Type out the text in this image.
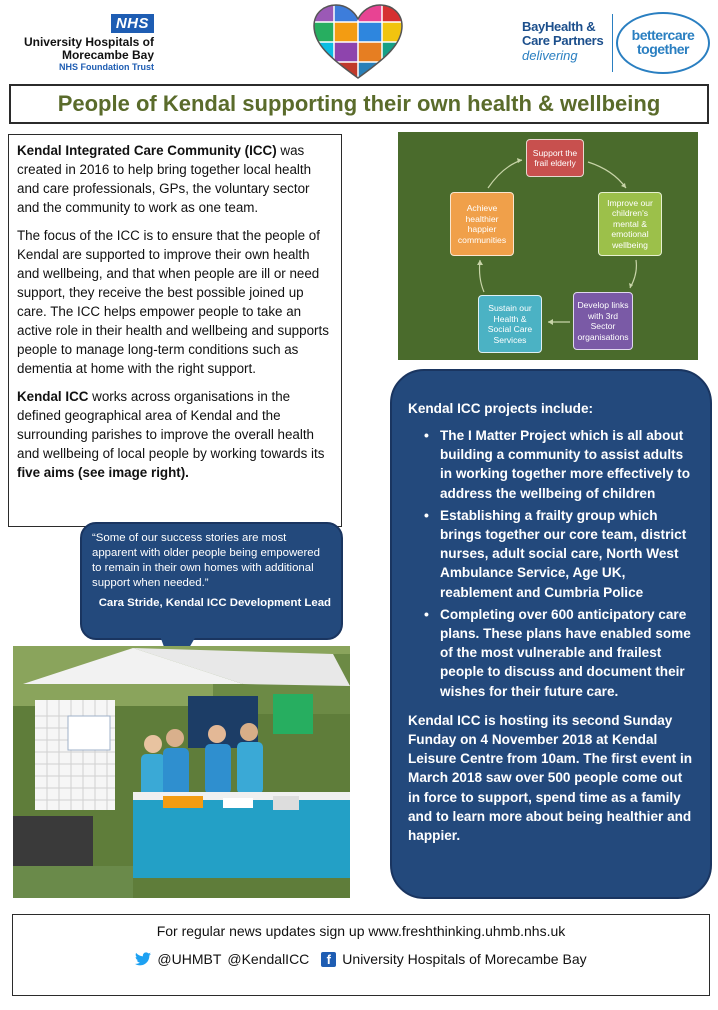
NHS
University Hospitals of
Morecambe Bay
NHS Foundation Trust
BayHealth &
Care Partners
delivering
bettercare
together
People of Kendal supporting their own health & wellbeing

Kendal Integrated Care Community (ICC) was created in 2016 to help bring together local health and care professionals, GPs, the voluntary sector and the community to work as one team.

The focus of the ICC is to ensure that the people of Kendal are supported to improve their own health and wellbeing, and that when people are ill or need support, they receive the best possible joined up care. The ICC helps empower people to take an active role in their health and wellbeing and supports people to manage long-term conditions such as dementia at home with the right support.

Kendal ICC works across organisations in the defined geographical area of Kendal and the surrounding parishes to improve the overall health and wellbeing of local people by working towards its five aims (see image right).

Support the frail elderly
Improve our children's mental & emotional wellbeing
Develop links with 3rd Sector organisations
Sustain our Health & Social Care Services
Achieve healthier happier communities
Kendal ICC projects include:
• The I Matter Project which is all about building a community to assist adults in working together more effectively to address the wellbeing of children
• Establishing a frailty group which brings together our core team, district nurses, adult social care, North West Ambulance Service, Age UK, reablement and Cumbria Police
• Completing over 600 anticipatory care plans. These plans have enabled some of the most vulnerable and frailest people to discuss and document their wishes for their future care.
Kendal ICC is hosting its second Sunday Funday on 4 November 2018 at Kendal Leisure Centre from 10am. The first event in March 2018 saw over 500 people come out in force to support, spend time as a family and to learn more about being healthier and happier.
“Some of our success stories are most apparent with older people being empowered to remain in their own homes with additional support when needed.”
Cara Stride, Kendal ICC Development Lead
For regular news updates sign up www.freshthinking.uhmb.nhs.uk
@UHMBT @KendalICC	f University Hospitals of Morecambe Bay
